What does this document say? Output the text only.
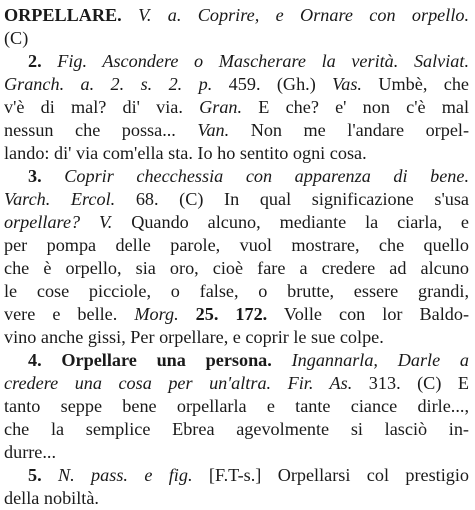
ORPELLARE. V. a. Coprire, e Ornare con orpello.
(C)
2. Fig. Ascondere o Mascherare la verità. Salviat.
Granch. a. 2. s. 2. p. 459. (Gh.) Vas. Umbè, che
v'è di mal? di' via. Gran. E che? e' non c'è mal
nessun che possa... Van. Non me l'andare orpel-
lando: di' via com'ella sta. Io ho sentito ogni cosa.
3. Coprir checchessia con apparenza di bene.
Varch. Ercol. 68. (C) In qual significazione s'usa
orpellare? V. Quando alcuno, mediante la ciarla, e
per pompa delle parole, vuol mostrare, che quello
che è orpello, sia oro, cioè fare a credere ad alcuno
le cose picciole, o false, o brutte, essere grandi,
vere e belle. Morg. 25. 172. Volle con lor Baldo-
vino anche gissi, Per orpellare, e coprir le sue colpe.
4. Orpellare una persona. Ingannarla, Darle a
credere una cosa per un'altra. Fir. As. 313. (C) E
tanto seppe bene orpellarla e tante ciance dirle...,
che la semplice Ebrea agevolmente si lasciò in-
durre...
5. N. pass. e fig. [F.T-s.] Orpellarsi col prestigio
della nobiltà.
